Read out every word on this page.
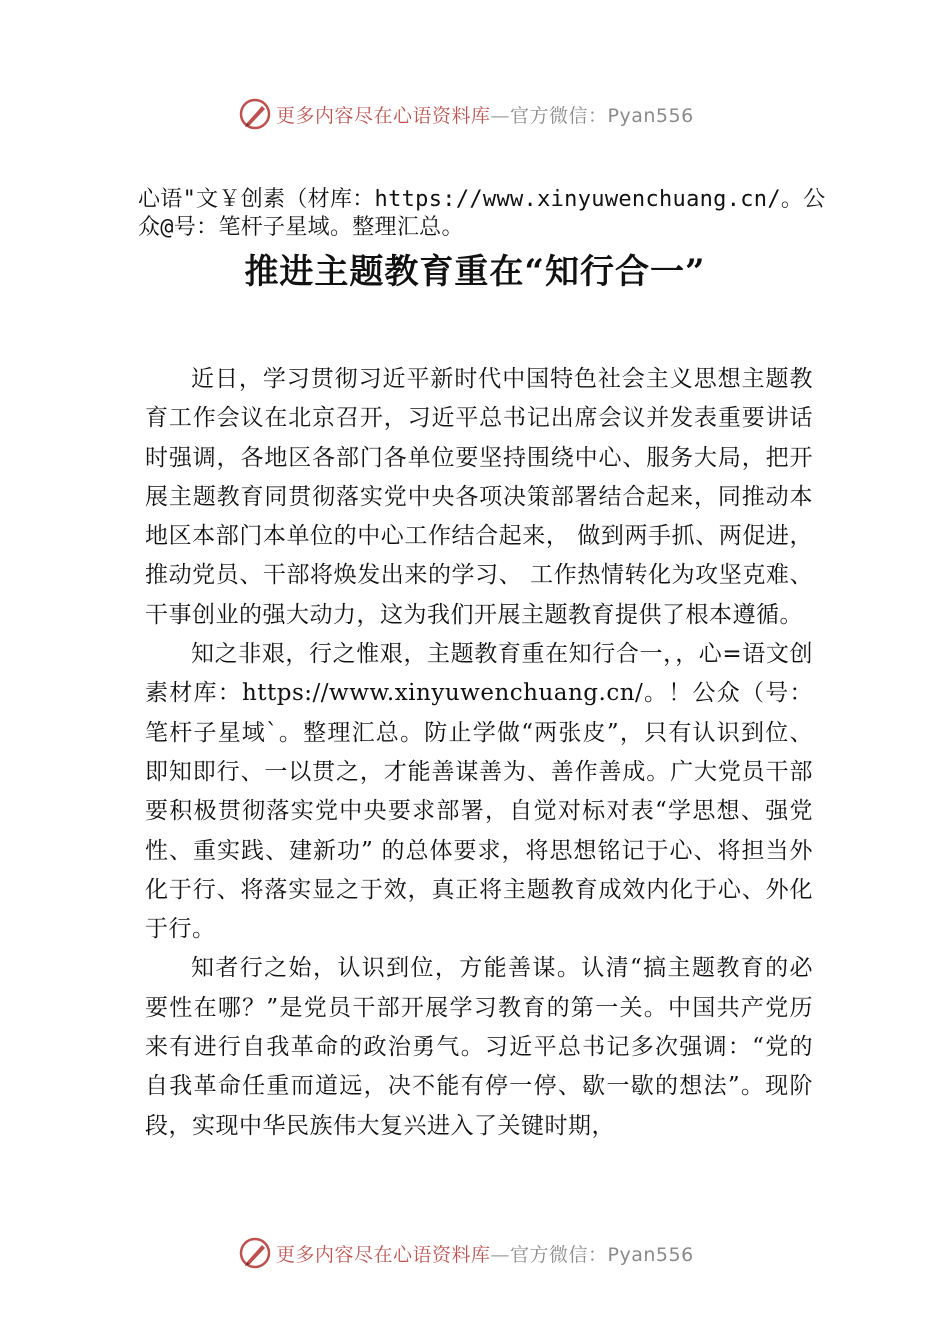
更多内容尽在心语资料库—官方微信：Pyan556
心语"文￥创素（材库：https://www.xinyuwenchuang.cn/。公众@号：笔杆子星域。整理汇总。
推进主题教育重在“知行合一”

近日，学习贯彻习近平新时代中国特色社会主义思想主题教育工作会议在北京召开，习近平总书记出席会议并发表重要讲话时强调，各地区各部门各单位要坚持围绕中心、服务大局，把开展主题教育同贯彻落实党中央各项决策部署结合起来，同推动本地区本部门本单位的中心工作结合起来， 做到两手抓、两促进，推动党员、干部将焕发出来的学习、 工作热情转化为攻坚克难、干事创业的强大动力，这为我们开展主题教育提供了根本遵循。

知之非艰，行之惟艰，主题教育重在知行合一，，心=语文创素材库：https://www.xinyuwenchuang.cn/。！公众（号：笔杆子星域`。整理汇总。防止学做“两张皮”，只有认识到位、即知即行、一以贯之，才能善谋善为、善作善成。广大党员干部要积极贯彻落实党中央要求部署，自觉对标对表“学思想、强党性、重实践、建新功” 的总体要求，将思想铭记于心、将担当外化于行、将落实显之于效，真正将主题教育成效内化于心、外化于行。

知者行之始，认识到位，方能善谋。认清“搞主题教育的必要性在哪？”是党员干部开展学习教育的第一关。中国共产党历来有进行自我革命的政治勇气。习近平总书记多次强调：“党的自我革命任重而道远，决不能有停一停、歇一歇的想法”。现阶段，实现中华民族伟大复兴进入了关键时期，

更多内容尽在心语资料库—官方微信：Pyan556
